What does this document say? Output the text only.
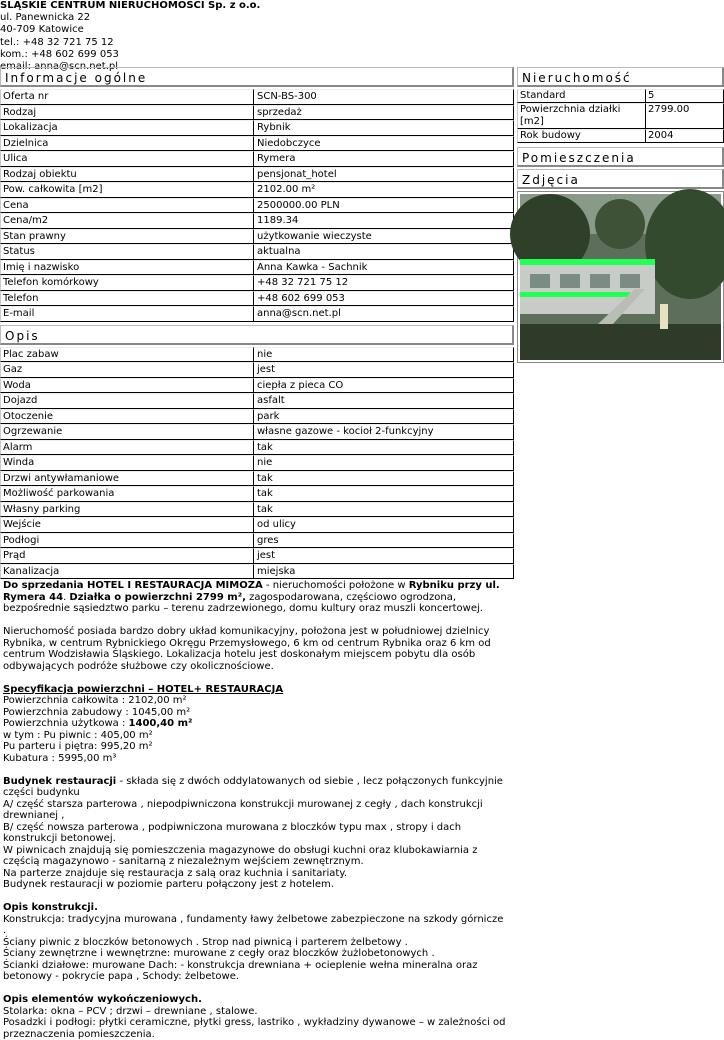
ŚLĄSKIE CENTRUM NIERUCHOMOŚCI Sp. z o.o.
ul. Panewnicka 22
40-709 Katowice
tel.: +48 32 721 75 12
kom.: +48 602 699 053
email: anna@scn.net.pl
Informacje ogólne
Oferta nr	SCN-BS-300
Rodzaj	sprzedaż
Lokalizacja	Rybnik
Dzielnica	Niedobczyce
Ulica	Rymera
Rodzaj obiektu	pensjonat_hotel
Pow. całkowita [m2]	2102.00 m²
Cena	2500000.00 PLN
Cena/m2	1189.34
Stan prawny	użytkowanie wieczyste
Status	aktualna
Imię i nazwisko	Anna Kawka - Sachnik
Telefon komórkowy	+48 32 721 75 12
Telefon	+48 602 699 053
E-mail	anna@scn.net.pl
Opis
Plac zabaw	nie
Gaz	jest
Woda	ciepła z pieca CO
Dojazd	asfalt
Otoczenie	park
Ogrzewanie	własne gazowe - kocioł 2-funkcyjny
Alarm	tak
Winda	nie
Drzwi antywłamaniowe	tak
Możliwość parkowania	tak
Własny parking	tak
Wejście	od ulicy
Podłogi	gres
Prąd	jest
Kanalizacja	miejska
Nieruchomość
Standard	5
Powierzchnia działki [m2]	2799.00
Rok budowy	2004
Pomieszczenia
Zdjęcia

Do sprzedania HOTEL I RESTAURACJA MIMOZA - nieruchomości położone w Rybniku przy ul. Rymera 44. Działka o powierzchni 2799 m², zagospodarowana, częściowo ogrodzona, bezpośrednie sąsiedztwo parku – terenu zadrzewionego, domu kultury oraz muszli koncertowej.

Nieruchomość posiada bardzo dobry układ komunikacyjny, położona jest w południowej dzielnicy Rybnika, w centrum Rybnickiego Okręgu Przemysłowego, 6 km od centrum Rybnika oraz 6 km od centrum Wodzisławia Śląskiego. Lokalizacja hotelu jest doskonałym miejscem pobytu dla osób odbywających podróże służbowe czy okolicznościowe.

Specyfikacja powierzchni – HOTEL+ RESTAURACJA

Powierzchnia całkowita : 2102,00 m²

Powierzchnia zabudowy : 1045,00 m²

Powierzchnia użytkowa : 1400,40 m²

w tym : Pu piwnic : 405,00 m²

Pu parteru i piętra: 995,20 m²

Kubatura : 5995,00 m³

Budynek restauracji - składa się z dwóch oddylatowanych od siebie , lecz połączonych funkcyjnie części budynku

A/ część starsza parterowa , niepodpiwniczona konstrukcji murowanej z cegły , dach konstrukcji drewnianej ,

B/ część nowsza parterowa , podpiwniczona murowana z bloczków typu max , stropy i dach konstrukcji betonowej.

W piwnicach znajdują się pomieszczenia magazynowe do obsługi kuchni oraz klubokawiarnia z częścią magazynowo - sanitarną z niezależnym wejściem zewnętrznym.

Na parterze znajduje się restauracja z salą oraz kuchnia i sanitariaty.

Budynek restauracji w poziomie parteru połączony jest z hotelem.

Opis konstrukcji.

Konstrukcja: tradycyjna murowana , fundamenty ławy żelbetowe zabezpieczone na szkody górnicze .

Ściany piwnic z bloczków betonowych . Strop nad piwnicą i parterem żelbetowy .

Ściany zewnętrzne i wewnętrzne: murowane z cegły oraz bloczków żużlobetonowych .

Ścianki działowe: murowane Dach: - konstrukcja drewniana + ocieplenie wełna mineralna oraz betonowy - pokrycie papa , Schody: żelbetowe.

Opis elementów wykończeniowych.

Stolarka: okna – PCV ; drzwi – drewniane , stalowe.

Posadzki i podłogi: płytki ceramiczne, płytki gress, lastriko , wykładziny dywanowe – w zależności od przeznaczenia pomieszczenia.
